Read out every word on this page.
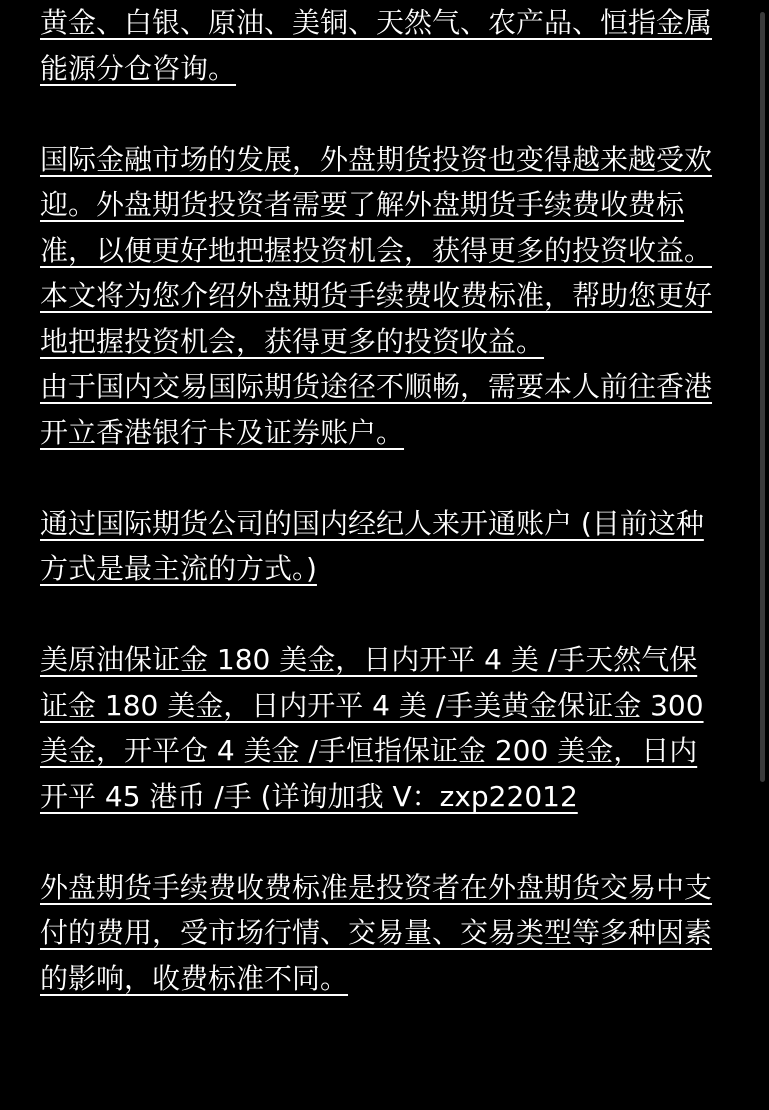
黄金、白银、原油、美铜、天然气、农产品、恒指金属能源分仓咨询。

国际金融市场的发展，外盘期货投资也变得越来越受欢迎。外盘期货投资者需要了解外盘期货手续费收费标准，以便更好地把握投资机会，获得更多的投资收益。本文将为您介绍外盘期货手续费收费标准，帮助您更好地把握投资机会，获得更多的投资收益。

由于国内交易国际期货途径不顺畅，需要本人前往香港开立香港银行卡及证券账户。

通过国际期货公司的国内经纪人来开通账户 (目前这种方式是最主流的方式。)

美原油保证金 180 美金，日内开平 4 美 /手天然气保证金 180 美金，日内开平 4 美 /手美黄金保证金 300 美金，开平仓 4 美金 /手恒指保证金 200 美金，日内开平 45 港币 /手 (详询加我 V：zxp22012

外盘期货手续费收费标准是投资者在外盘期货交易中支付的费用，受市场行情、交易量、交易类型等多种因素的影响，收费标准不同。
